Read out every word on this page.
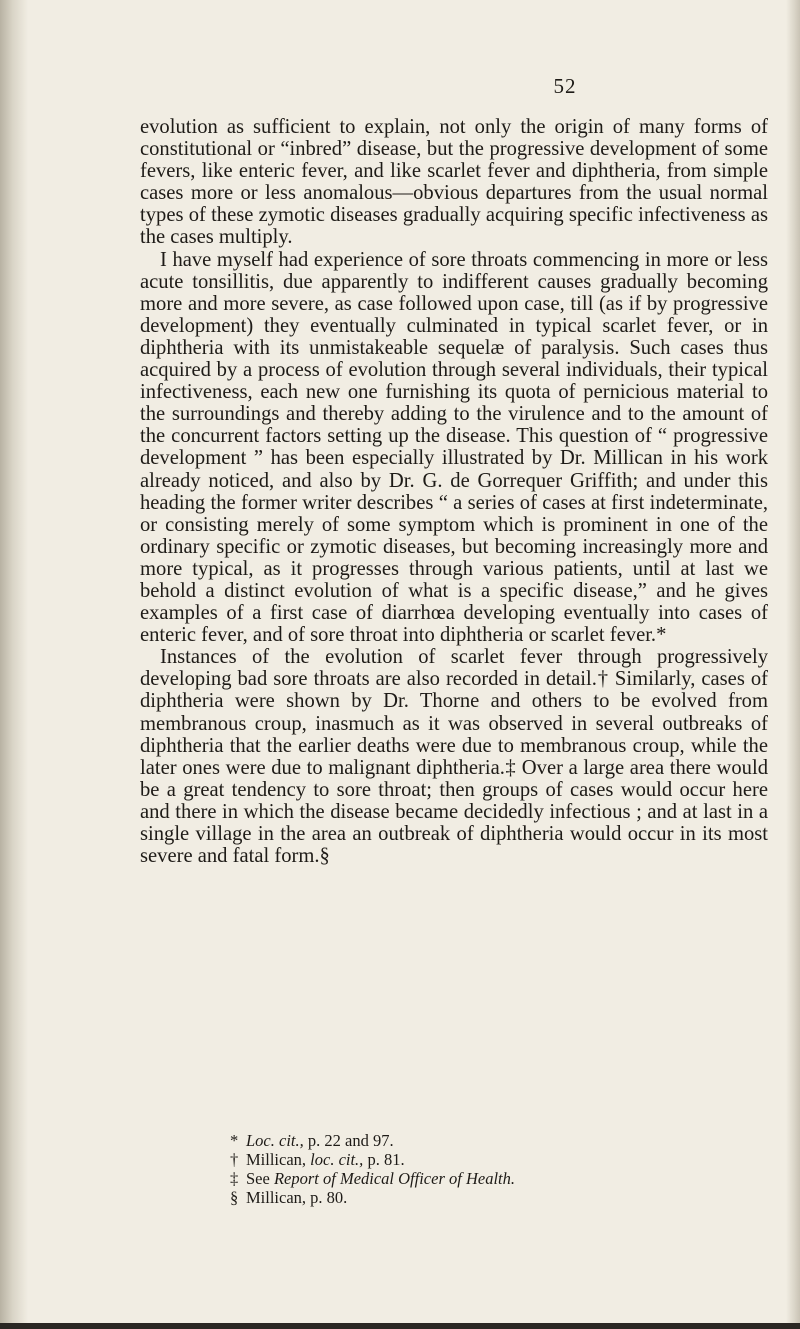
52

evolution as sufficient to explain, not only the origin of many forms of constitutional or “inbred” disease, but the progressive development of some fevers, like enteric fever, and like scarlet fever and diphtheria, from simple cases more or less anomalous—obvious departures from the usual normal types of these zymotic diseases gradually acquiring specific infectiveness as the cases multiply.

I have myself had experience of sore throats commencing in more or less acute tonsillitis, due apparently to indifferent causes gradually becoming more and more severe, as case followed upon case, till (as if by progressive development) they eventually culminated in typical scarlet fever, or in diphtheria with its unmistakeable sequelæ of paralysis. Such cases thus acquired by a process of evolution through several individuals, their typical infectiveness, each new one furnishing its quota of pernicious material to the surroundings and thereby adding to the virulence and to the amount of the concurrent factors setting up the disease. This question of “ progressive development ” has been especially illustrated by Dr. Millican in his work already noticed, and also by Dr. G. de Gorrequer Griffith; and under this heading the former writer describes “ a series of cases at first indeterminate, or consisting merely of some symptom which is prominent in one of the ordinary specific or zymotic diseases, but becoming increasingly more and more typical, as it progresses through various patients, until at last we behold a distinct evolution of what is a specific disease,” and he gives examples of a first case of diarrhœa developing eventually into cases of enteric fever, and of sore throat into diphtheria or scarlet fever.*

Instances of the evolution of scarlet fever through progressively developing bad sore throats are also recorded in detail.† Similarly, cases of diphtheria were shown by Dr. Thorne and others to be evolved from membranous croup, inasmuch as it was observed in several outbreaks of diphtheria that the earlier deaths were due to membranous croup, while the later ones were due to malignant diphtheria.‡ Over a large area there would be a great tendency to sore throat; then groups of cases would occur here and there in which the disease became decidedly infectious ; and at last in a single village in the area an outbreak of diphtheria would occur in its most severe and fatal form.§

* Loc. cit., p. 22 and 97.
† Millican, loc. cit., p. 81.
‡ See Report of Medical Officer of Health.
§ Millican, p. 80.
